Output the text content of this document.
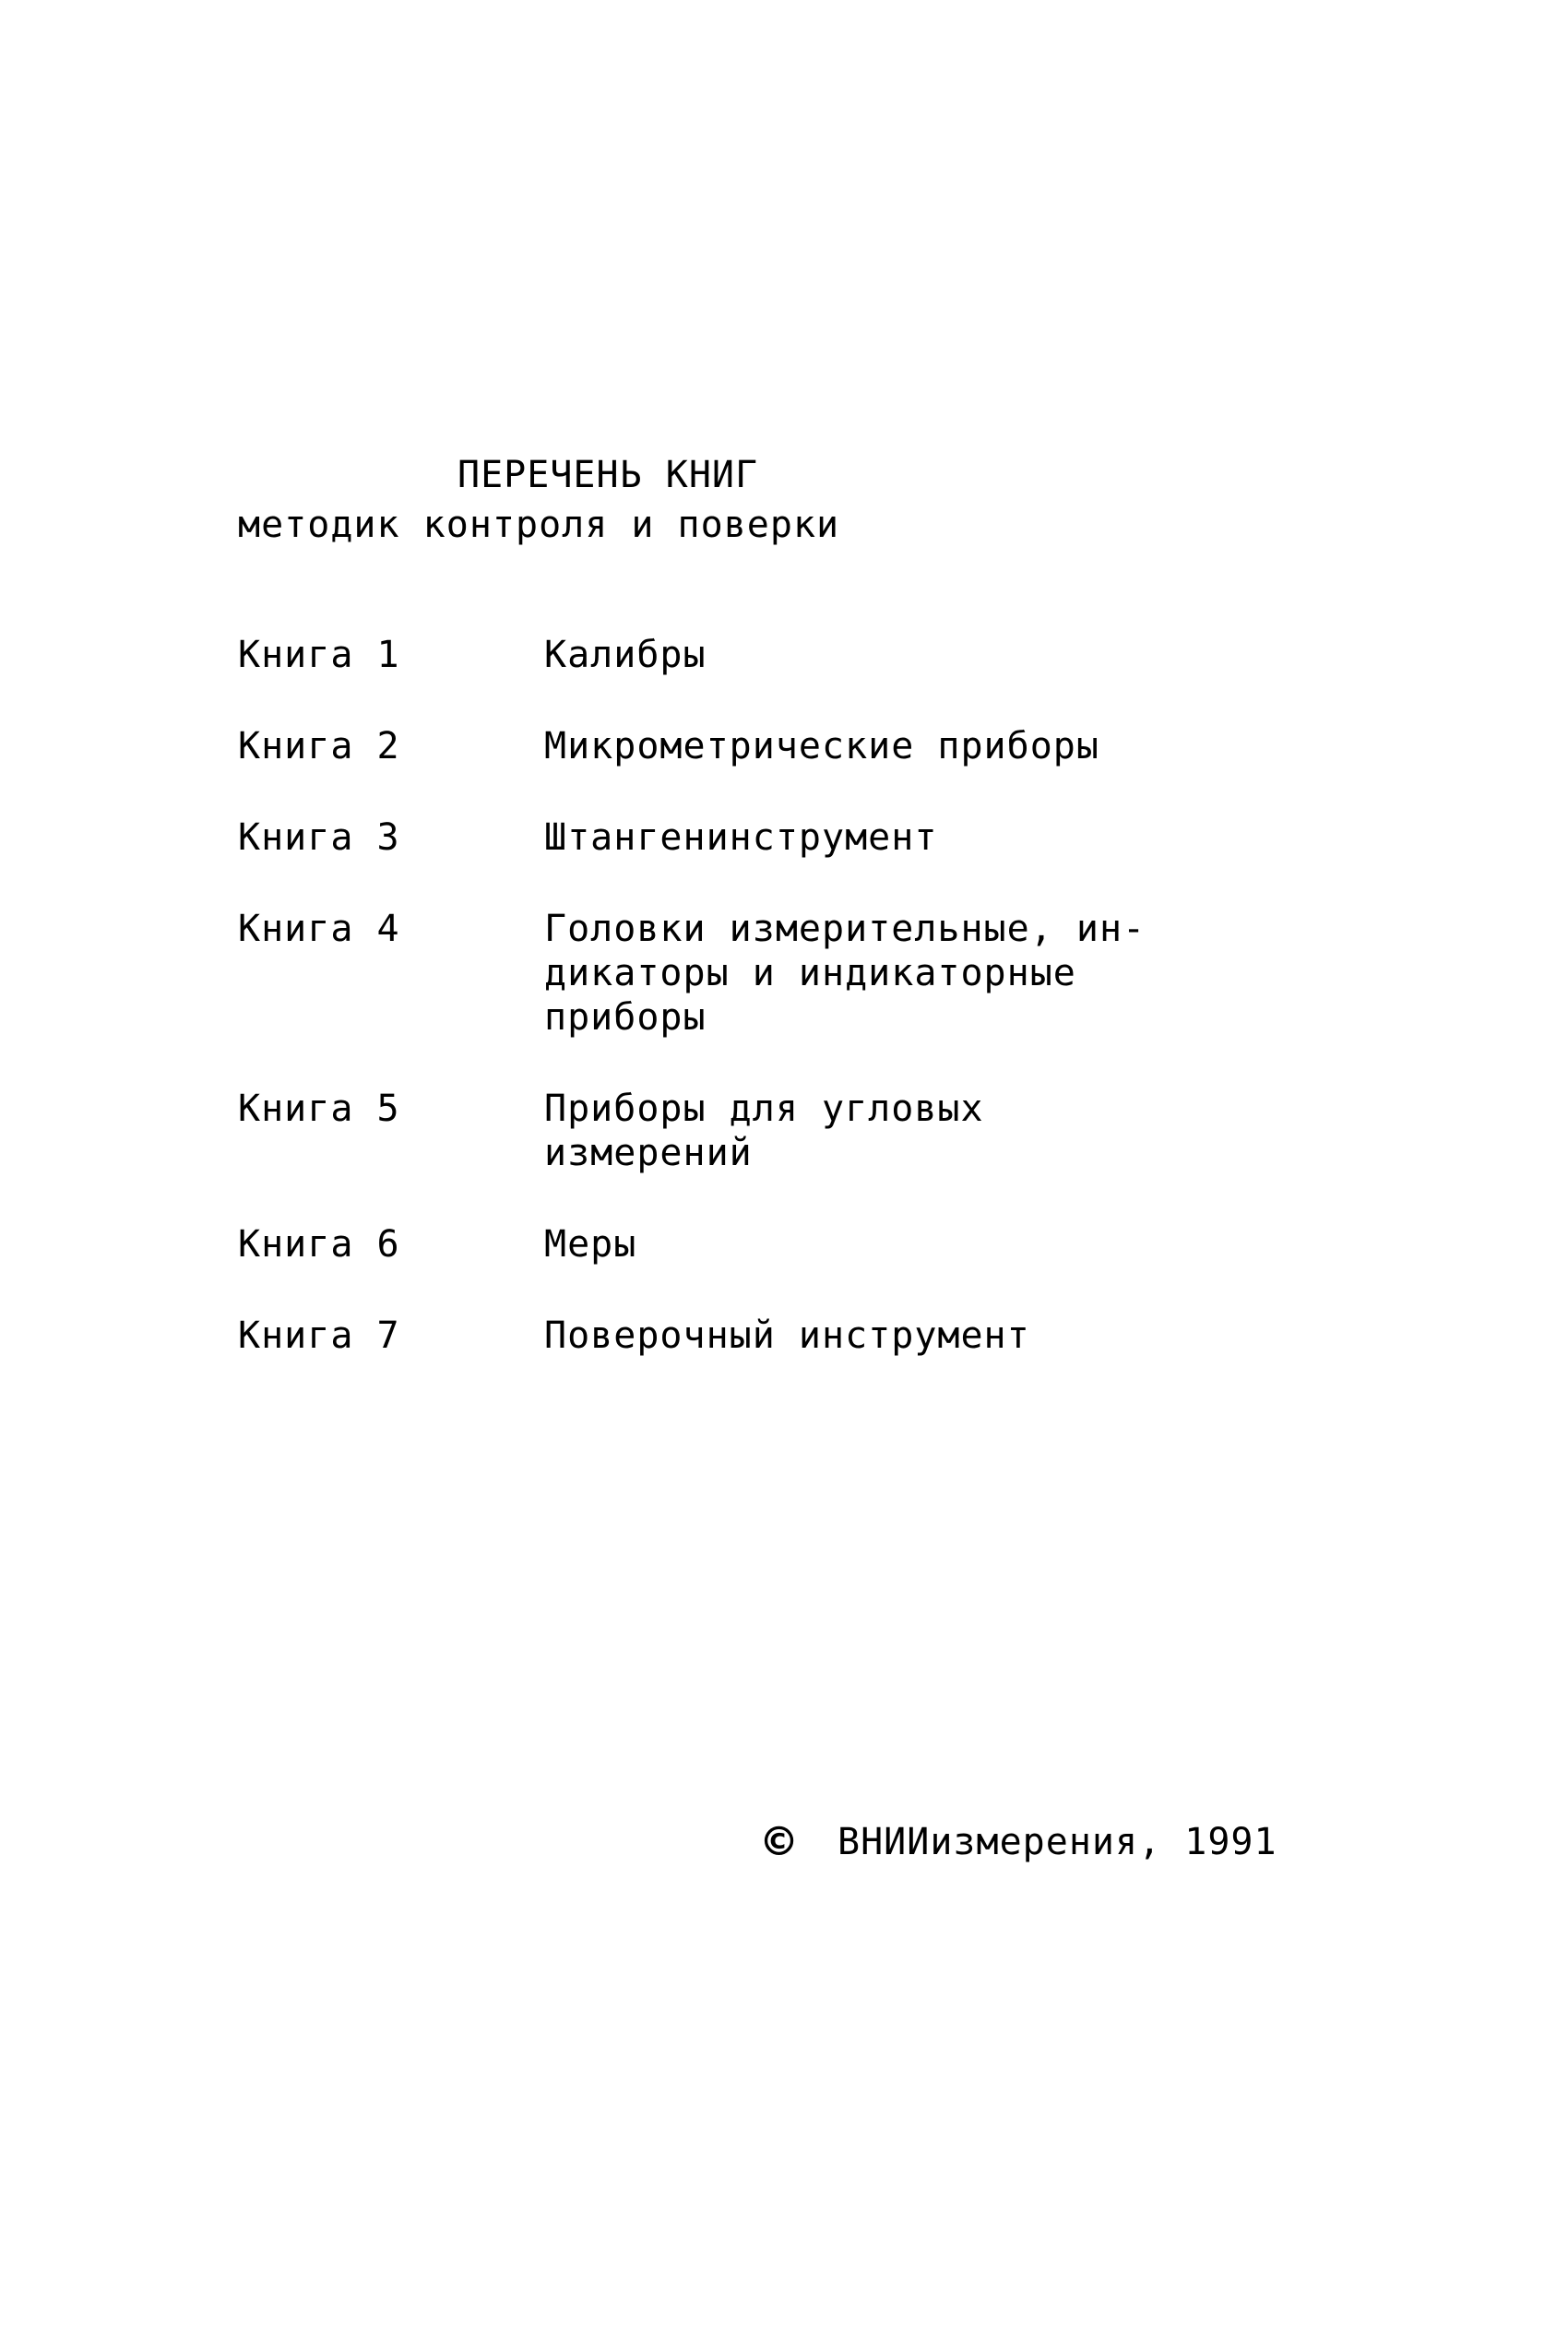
ПЕРЕЧЕНЬ КНИГ
методик контроля и поверки
Книга 1	Калибры
Книга 2	Микрометрические приборы
Книга 3	Штангенинструмент
Книга 4	Головки измерительные, ин-
дикаторы и индикаторные
приборы
Книга 5	Приборы для угловых
измерений
Книга 6	Меры
Книга 7	Поверочный инструмент
© ВНИИизмерения, 1991
